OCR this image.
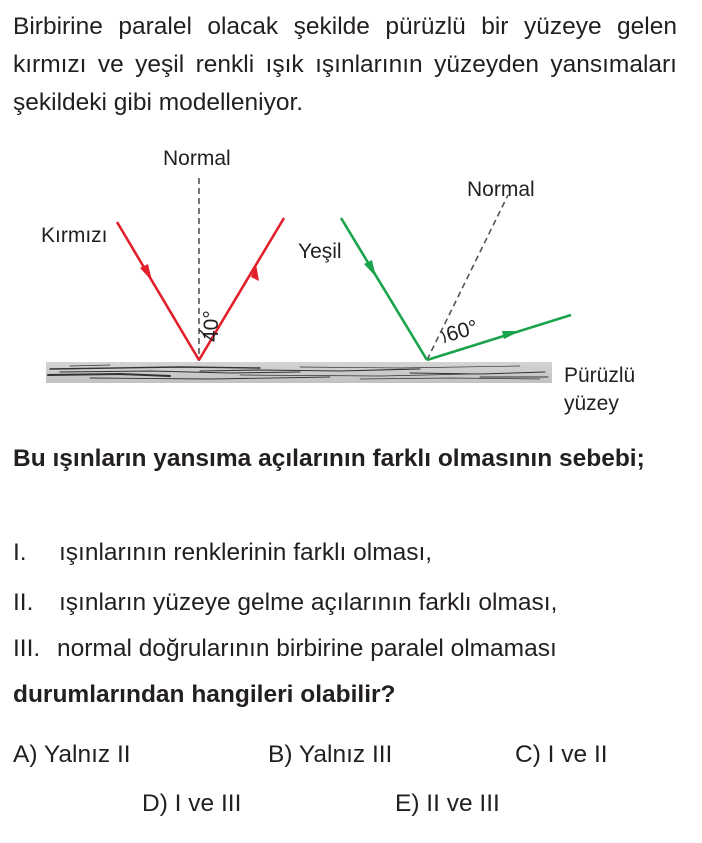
Birbirine paralel olacak şekilde pürüzlü bir yüzeye gelen kırmızı ve yeşil renkli ışık ışınlarının yüzeyden yansımaları şekildeki gibi modelleniyor.
Normal
Normal
Kırmızı
Yeşil
40°	60°
Pürüzlü
yüzey
Bu ışınların yansıma açılarının farklı olmasının sebebi;
I. ışınlarının renklerinin farklı olması,
II. ışınların yüzeye gelme açılarının farklı olması,
III. normal doğrularının birbirine paralel olmaması
durumlarından hangileri olabilir?
A) Yalnız II	B) Yalnız III	C) I ve II
D) I ve III	E) II ve III
